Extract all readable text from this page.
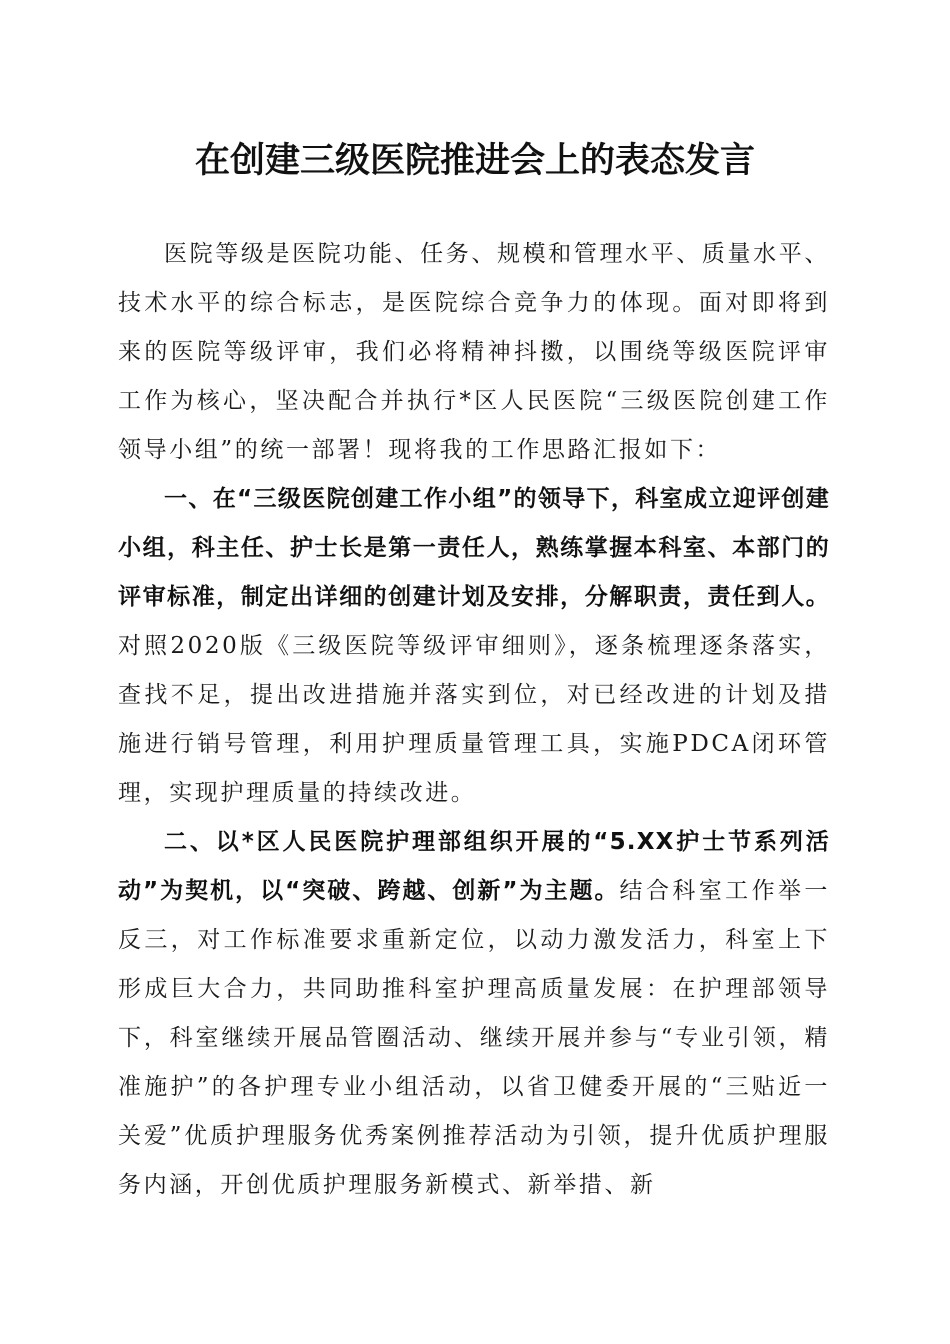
在创建三级医院推进会上的表态发言

医院等级是医院功能、任务、规模和管理水平、质量水平、技术水平的综合标志，是医院综合竞争力的体现。面对即将到来的医院等级评审，我们必将精神抖擞，以围绕等级医院评审工作为核心，坚决配合并执行*区人民医院“三级医院创建工作领导小组”的统一部署！现将我的工作思路汇报如下：

一、在“三级医院创建工作小组”的领导下，科室成立迎评创建小组，科主任、护士长是第一责任人，熟练掌握本科室、本部门的评审标准，制定出详细的创建计划及安排，分解职责，责任到人。对照2020版《三级医院等级评审细则》，逐条梳理逐条落实，查找不足，提出改进措施并落实到位，对已经改进的计划及措施进行销号管理，利用护理质量管理工具，实施PDCA闭环管理，实现护理质量的持续改进。

二、以*区人民医院护理部组织开展的“5.XX护士节系列活动”为契机，以“突破、跨越、创新”为主题。结合科室工作举一反三，对工作标准要求重新定位，以动力激发活力，科室上下形成巨大合力，共同助推科室护理高质量发展：在护理部领导下，科室继续开展品管圈活动、继续开展并参与“专业引领，精准施护”的各护理专业小组活动，以省卫健委开展的“三贴近一关爱”优质护理服务优秀案例推荐活动为引领，提升优质护理服务内涵，开创优质护理服务新模式、新举措、新
